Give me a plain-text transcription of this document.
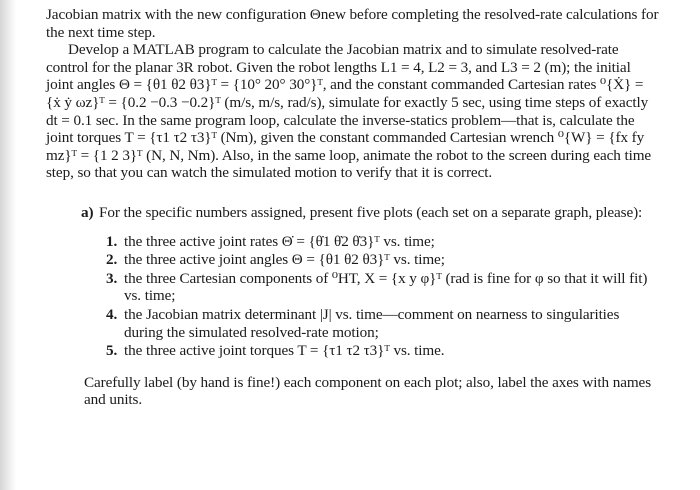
Jacobian matrix with the new configuration Θnew before completing the resolved-rate calculations for the next time step.

Develop a MATLAB program to calculate the Jacobian matrix and to simulate resolved-rate control for the planar 3R robot. Given the robot lengths L1 = 4, L2 = 3, and L3 = 2 (m); the initial joint angles Θ = {θ1 θ2 θ3}ᵀ = {10° 20° 30°}ᵀ, and the constant commanded Cartesian rates ⁰{Ẋ} = {ẋ ẏ ωz}ᵀ = {0.2 −0.3 −0.2}ᵀ (m/s, m/s, rad/s), simulate for exactly 5 sec, using time steps of exactly dt = 0.1 sec. In the same program loop, calculate the inverse-statics problem—that is, calculate the joint torques T = {τ1 τ2 τ3}ᵀ (Nm), given the constant commanded Cartesian wrench ⁰{W} = {fx fy mz}ᵀ = {1 2 3}ᵀ (N, N, Nm). Also, in the same loop, animate the robot to the screen during each time step, so that you can watch the simulated motion to verify that it is correct.

a) For the specific numbers assigned, present five plots (each set on a separate graph, please):
1. the three active joint rates Θ̇ = {θ̇1 θ̇2 θ̇3}ᵀ vs. time;
2. the three active joint angles Θ = {θ1 θ2 θ3}ᵀ vs. time;
3. the three Cartesian components of ⁰HT, X = {x y φ}ᵀ (rad is fine for φ so that it will fit) vs. time;
4. the Jacobian matrix determinant |J| vs. time—comment on nearness to singularities during the simulated resolved-rate motion;
5. the three active joint torques T = {τ1 τ2 τ3}ᵀ vs. time.

Carefully label (by hand is fine!) each component on each plot; also, label the axes with names and units.
